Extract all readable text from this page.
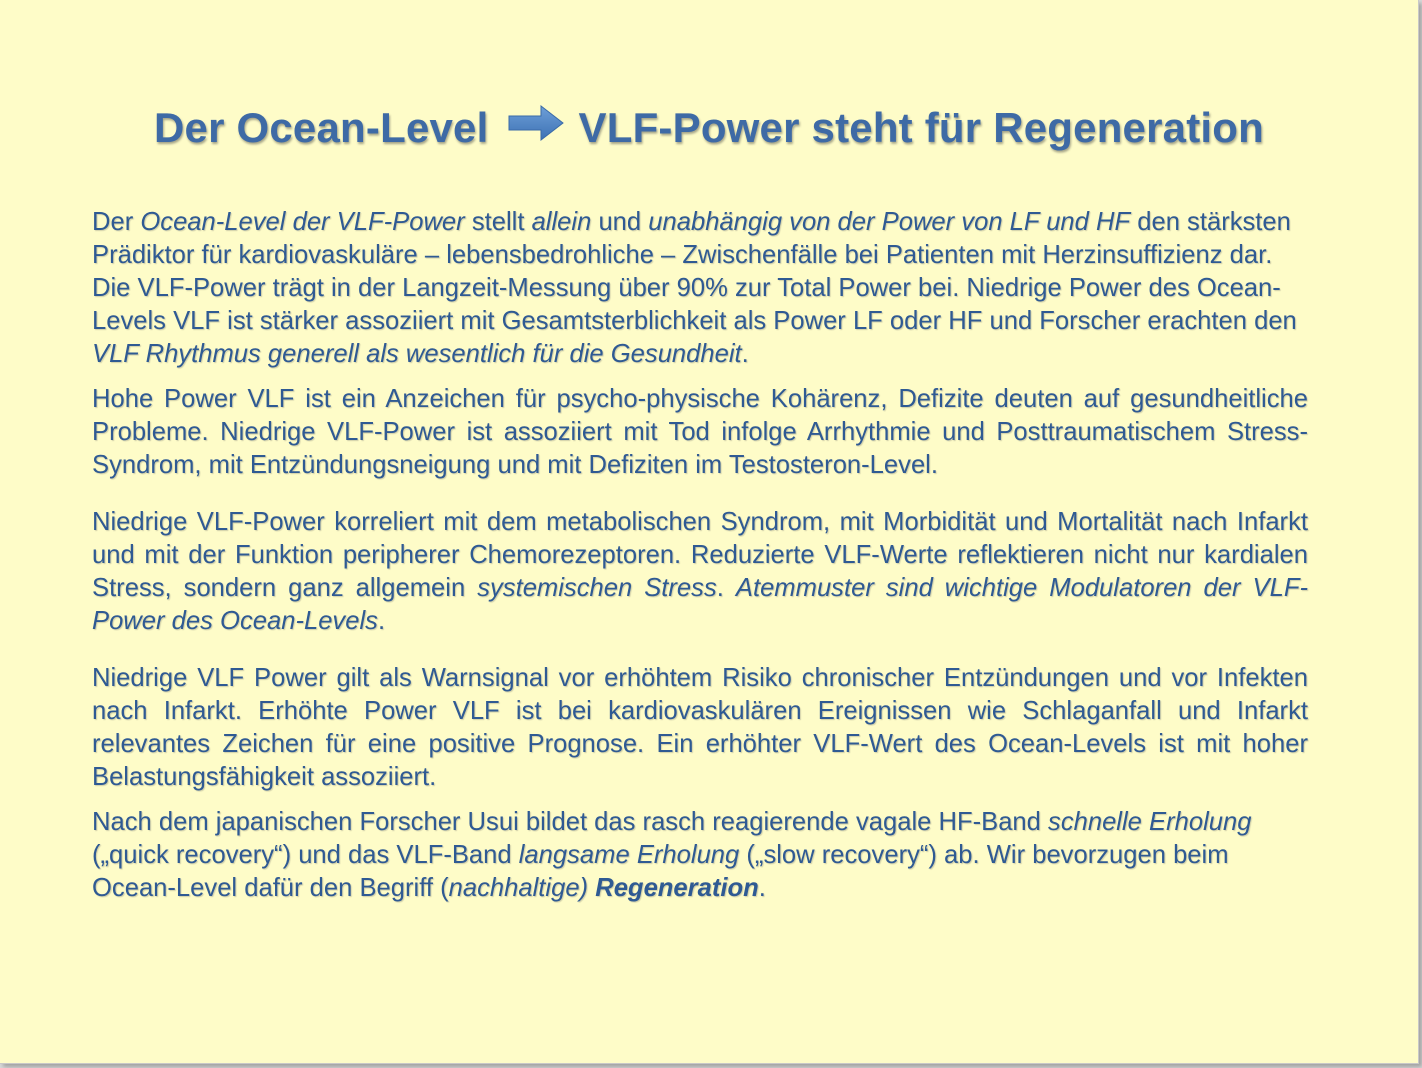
Der Ocean-Level VLF-Power steht für Regeneration

Der Ocean-Level der VLF-Power stellt allein und unabhängig von der Power von LF und HF den stärksten Prädiktor für kardiovaskuläre – lebensbedrohliche – Zwischenfälle bei Patienten mit Herzinsuffizienz dar. Die VLF-Power trägt in der Langzeit-Messung über 90% zur Total Power bei. Niedrige Power des Ocean-Levels VLF ist stärker assoziiert mit Gesamtsterblichkeit als Power LF oder HF und Forscher erachten den VLF Rhythmus generell als wesentlich für die Gesundheit.

Hohe Power VLF ist ein Anzeichen für psycho-physische Kohärenz, Defizite deuten auf gesundheitliche Probleme. Niedrige VLF-Power ist assoziiert mit Tod infolge Arrhythmie und Posttraumatischem Stress-Syndrom, mit Entzündungsneigung und mit Defiziten im Testosteron-Level.

Niedrige VLF-Power korreliert mit dem metabolischen Syndrom, mit Morbidität und Mortalität nach Infarkt und mit der Funktion peripherer Chemorezeptoren. Reduzierte VLF-Werte reflektieren nicht nur kardialen Stress, sondern ganz allgemein systemischen Stress. Atemmuster sind wichtige Modulatoren der VLF-Power des Ocean-Levels.

Niedrige VLF Power gilt als Warnsignal vor erhöhtem Risiko chronischer Entzündungen und vor Infekten nach Infarkt. Erhöhte Power VLF ist bei kardiovaskulären Ereignissen wie Schlaganfall und Infarkt relevantes Zeichen für eine positive Prognose. Ein erhöhter VLF-Wert des Ocean-Levels ist mit hoher Belastungsfähigkeit assoziiert.

Nach dem japanischen Forscher Usui bildet das rasch reagierende vagale HF-Band schnelle Erholung („quick recovery“) und das VLF-Band langsame Erholung („slow recovery“) ab. Wir bevorzugen beim Ocean-Level dafür den Begriff (nachhaltige) Regeneration.
